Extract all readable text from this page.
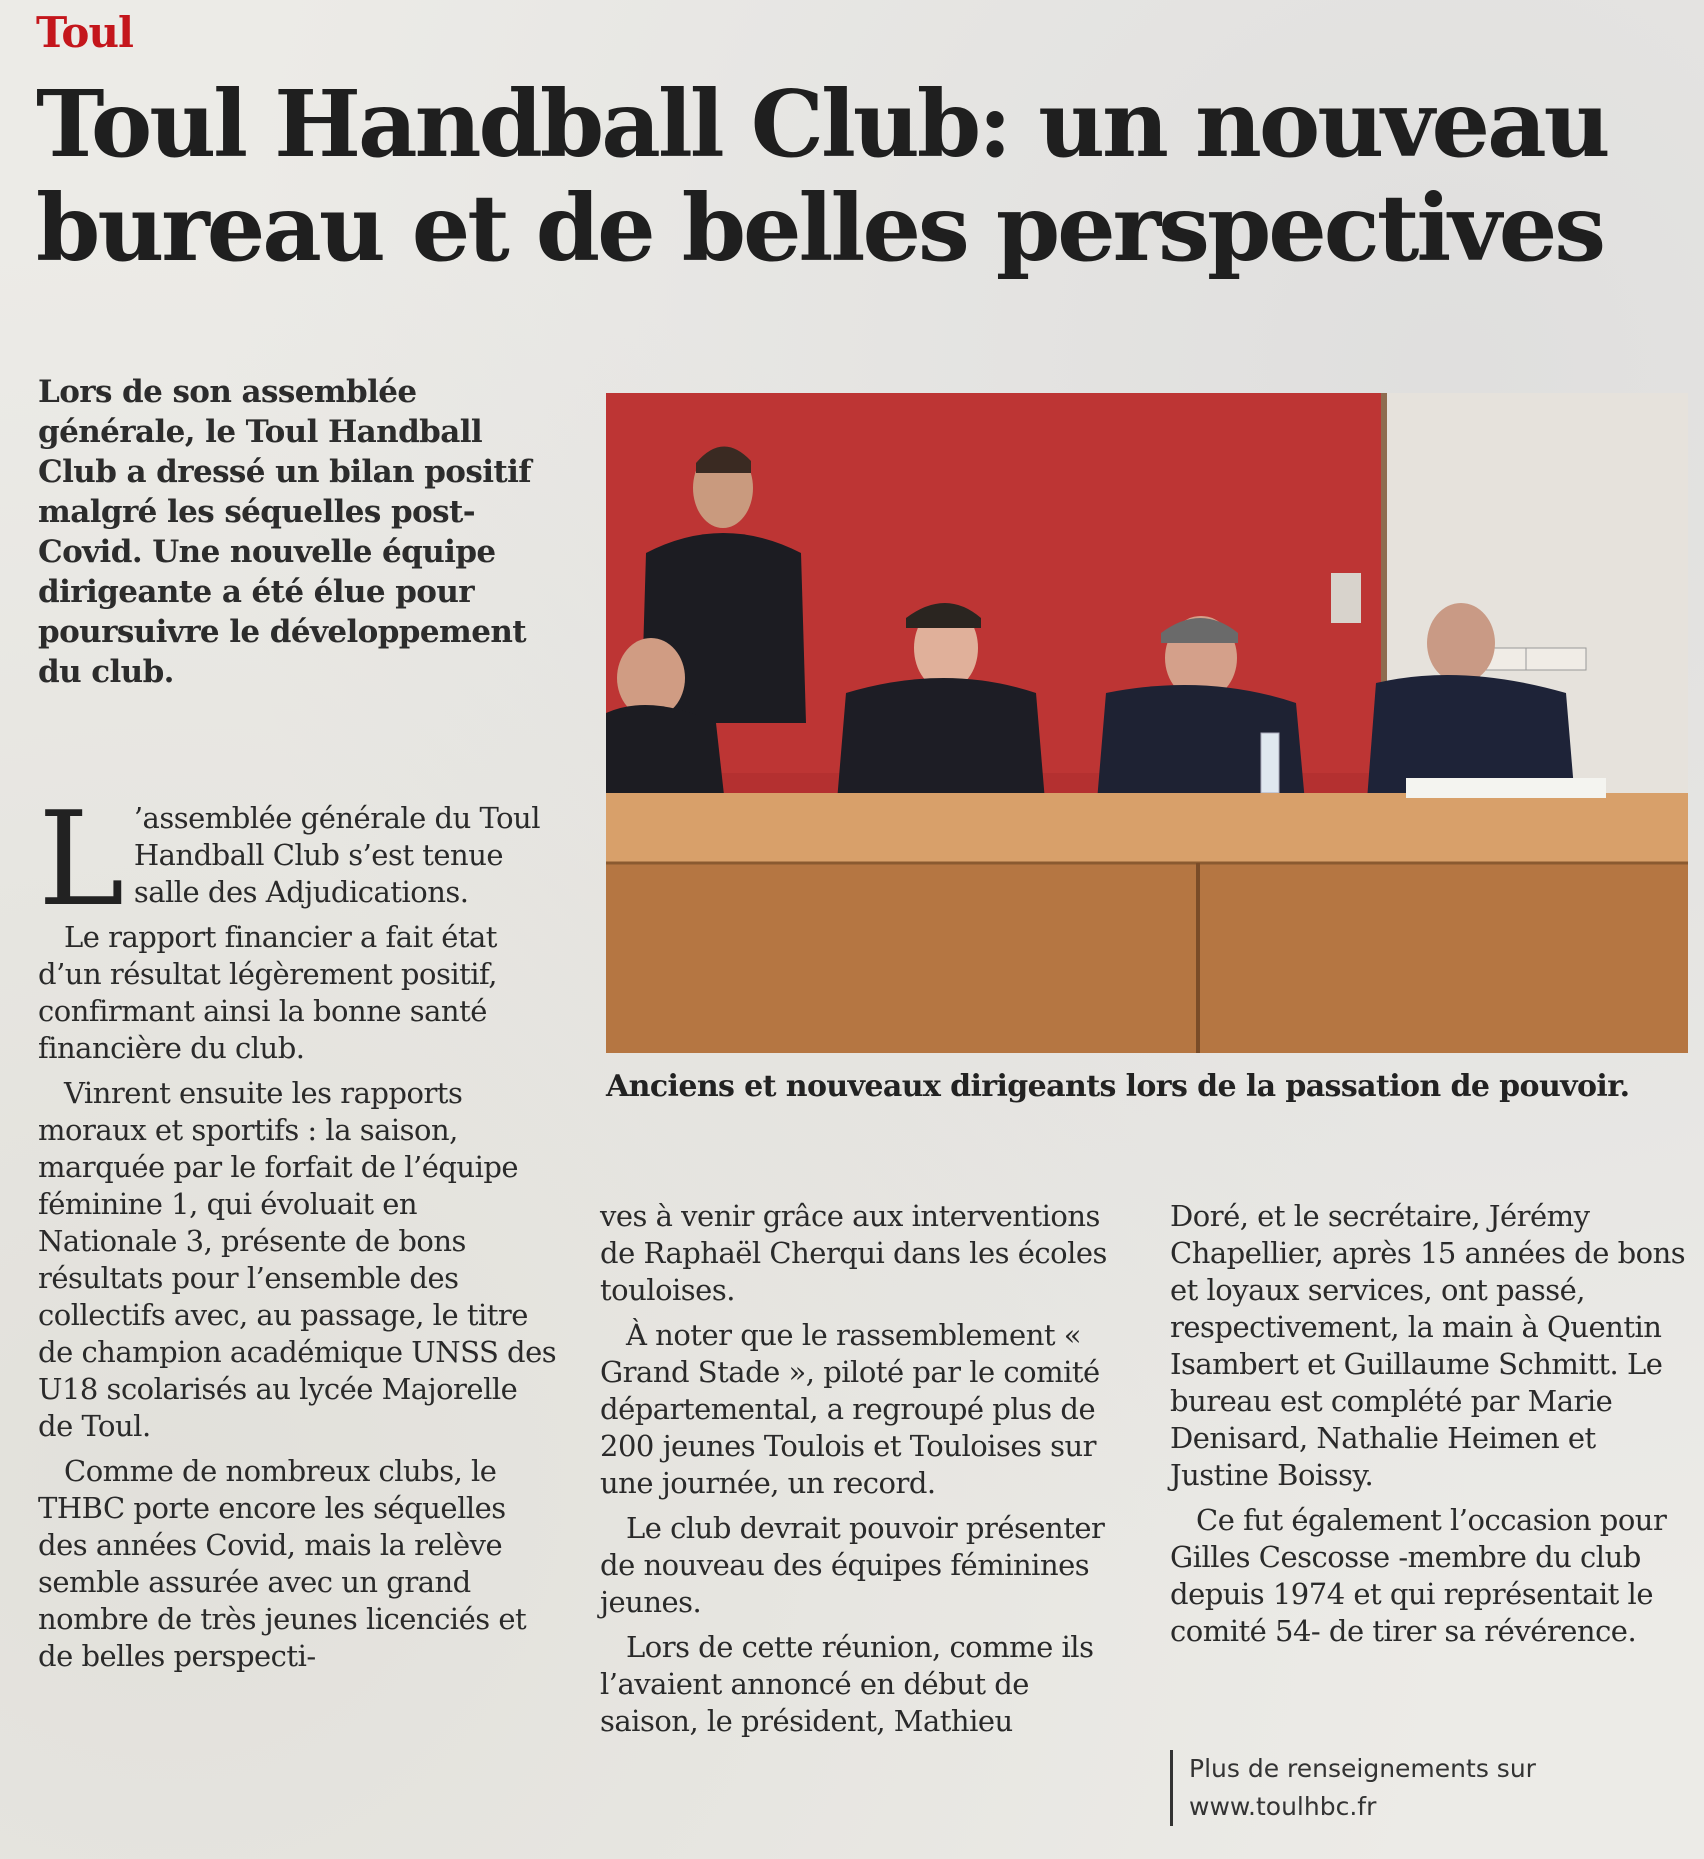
Toul
Toul Handball Club: un nouveau
bureau et de belles perspectives
Lors de son assemblée générale, le Toul Handball Club a dressé un bilan positif malgré les séquelles post-Covid. Une nouvelle équipe dirigeante a été élue pour poursuivre le développement du club.
Anciens et nouveaux dirigeants lors de la passation de pouvoir.

L ’assemblée générale du Toul Handball Club s’est tenue salle des Adjudications.

Le rapport financier a fait état d’un résultat légèrement positif, confirmant ainsi la bonne santé financière du club.

Vinrent ensuite les rapports moraux et sportifs : la saison, marquée par le forfait de l’équipe féminine 1, qui évoluait en Nationale 3, présente de bons résultats pour l’ensemble des collectifs avec, au passage, le titre de champion académique UNSS des U18 scolarisés au lycée Majorelle de Toul.

Comme de nombreux clubs, le THBC porte encore les séquelles des années Covid, mais la relève semble assurée avec un grand nombre de très jeunes licenciés et de belles perspecti-

ves à venir grâce aux interventions de Raphaël Cherqui dans les écoles touloises.

À noter que le rassemblement « Grand Stade », piloté par le comité départemental, a regroupé plus de 200 jeunes Toulois et Touloises sur une journée, un record.

Le club devrait pouvoir présenter de nouveau des équipes féminines jeunes.

Lors de cette réunion, comme ils l’avaient annoncé en début de saison, le président, Mathieu

Doré, et le secrétaire, Jérémy Chapellier, après 15 années de bons et loyaux services, ont passé, respectivement, la main à Quentin Isambert et Guillaume Schmitt. Le bureau est complété par Marie Denisard, Nathalie Heimen et Justine Boissy.

Ce fut également l’occasion pour Gilles Cescosse -membre du club depuis 1974 et qui représentait le comité 54- de tirer sa révérence.

Plus de renseignements sur
www.toulhbc.fr
